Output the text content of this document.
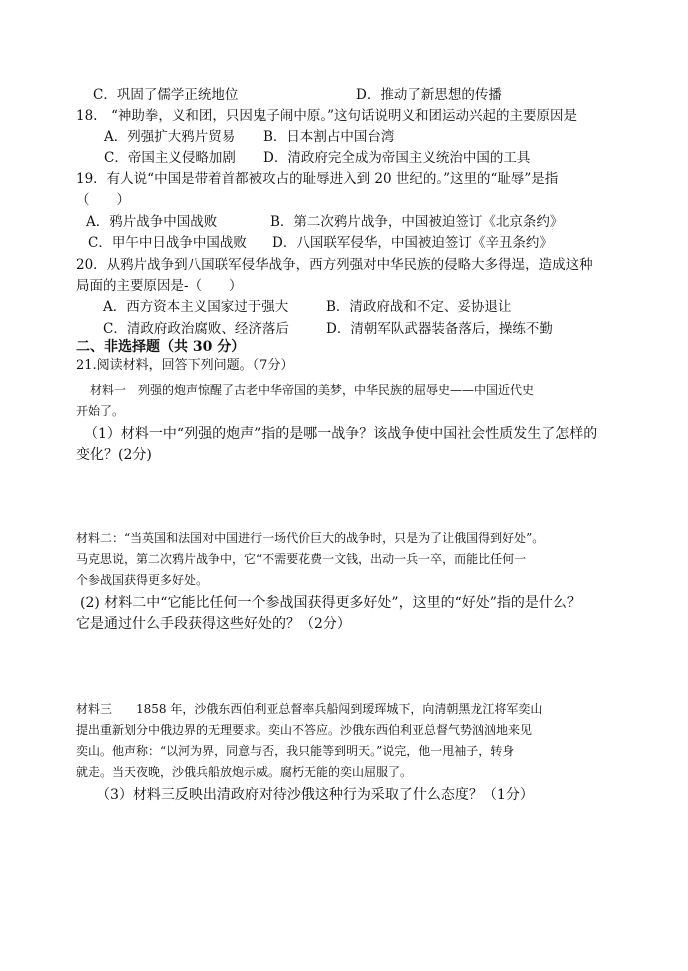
C．巩固了儒学正统地位	D．推动了新思想的传播
18.　“神助拳，义和团，只因鬼子闹中原。”这句话说明义和团运动兴起的主要原因是
A．列强扩大鸦片贸易 B．日本割占中国台湾
C．帝国主义侵略加剧 D．清政府完全成为帝国主义统治中国的工具
19．有人说“中国是带着首都被攻占的耻辱进入到 20 世纪的。”这里的“耻辱”是指
（　　）
A．鸦片战争中国战败	B．第二次鸦片战争，中国被迫签订《北京条约》
C．甲午中日战争中国战败 D．八国联军侵华，中国被迫签订《辛丑条约》
20．从鸦片战争到八国联军侵华战争，西方列强对中华民族的侵略大多得逞，造成这种
局面的主要原因是-（　　）
A．西方资本主义国家过于强大	B．清政府战和不定、妥协退让
C．清政府政治腐败、经济落后	D．清朝军队武器装备落后，操练不勤
二、非选择题（共 30 分）
21.阅读材料，回答下列问题。（7分）
材料一　列强的炮声惊醒了古老中华帝国的美梦，中华民族的屈辱史——中国近代史
开始了。
（1）材料一中“列强的炮声”指的是哪一战争？该战争使中国社会性质发生了怎样的
变化？(2分)
材料二：“当英国和法国对中国进行一场代价巨大的战争时，只是为了让俄国得到好处”。
马克思说，第二次鸦片战争中，它“不需要花费一文钱，出动一兵一卒，而能比任何一
个参战国获得更多好处。
(2) 材料二中“它能比任何一个参战国获得更多好处”，这里的“好处”指的是什么？
它是通过什么手段获得这些好处的？（2分）
材料三　　1858 年，沙俄东西伯利亚总督率兵船闯到瑷珲城下，向清朝黑龙江将军奕山
提出重新划分中俄边界的无理要求。奕山不答应。沙俄东西伯利亚总督气势汹汹地来见
奕山。他声称：“以河为界，同意与否，我只能等到明天。”说完，他一甩袖子，转身
就走。当天夜晚，沙俄兵船放炮示威。腐朽无能的奕山屈服了。
（3）材料三反映出清政府对待沙俄这种行为采取了什么态度？（1分）
